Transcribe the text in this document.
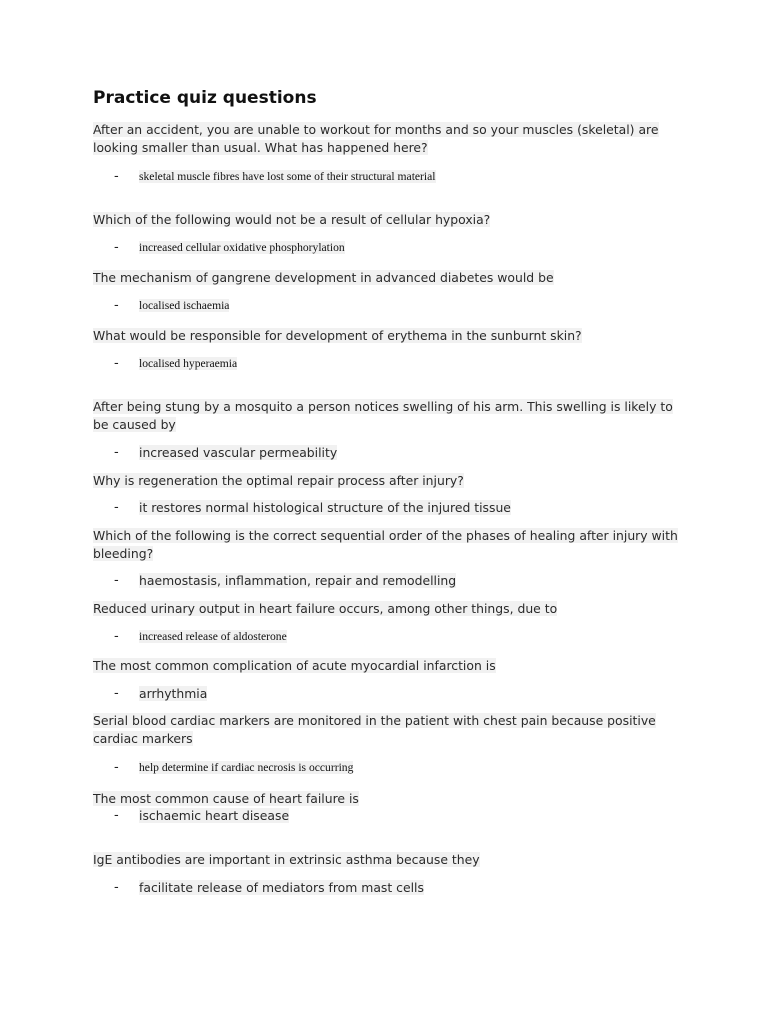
Practice quiz questions
After an accident, you are unable to workout for months and so your muscles (skeletal) are looking smaller than usual. What has happened here?
- skeletal muscle fibres have lost some of their structural material
Which of the following would not be a result of cellular hypoxia?
- increased cellular oxidative phosphorylation
The mechanism of gangrene development in advanced diabetes would be
- localised ischaemia
What would be responsible for development of erythema in the sunburnt skin?
- localised hyperaemia
After being stung by a mosquito a person notices swelling of his arm. This swelling is likely to be caused by
- increased vascular permeability
Why is regeneration the optimal repair process after injury?
- it restores normal histological structure of the injured tissue
Which of the following is the correct sequential order of the phases of healing after injury with bleeding?
- haemostasis, inflammation, repair and remodelling
Reduced urinary output in heart failure occurs, among other things, due to
- increased release of aldosterone
The most common complication of acute myocardial infarction is
- arrhythmia
Serial blood cardiac markers are monitored in the patient with chest pain because positive cardiac markers
- help determine if cardiac necrosis is occurring
The most common cause of heart failure is
- ischaemic heart disease
IgE antibodies are important in extrinsic asthma because they
- facilitate release of mediators from mast cells
